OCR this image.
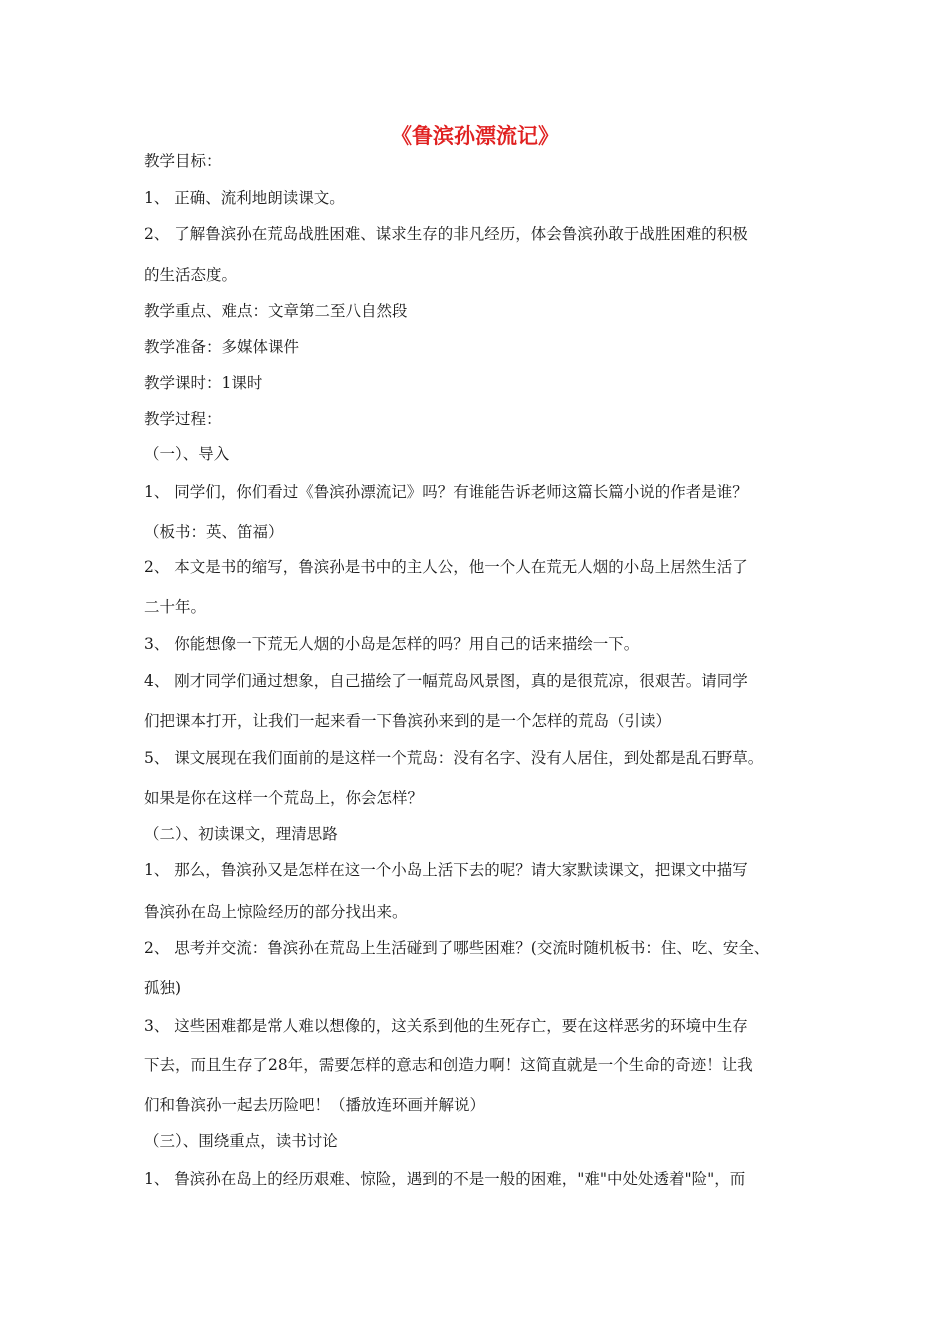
《鲁滨孙漂流记》
教学目标：
1、 正确、流利地朗读课文。
2、 了解鲁滨孙在荒岛战胜困难、谋求生存的非凡经历，体会鲁滨孙敢于战胜困难的积极
的生活态度。
教学重点、难点：文章第二至八自然段
教学准备：多媒体课件
教学课时：1课时
教学过程：
（一）、导入
1、 同学们，你们看过《鲁滨孙漂流记》吗？有谁能告诉老师这篇长篇小说的作者是谁？
（板书：英、笛福）
2、 本文是书的缩写，鲁滨孙是书中的主人公，他一个人在荒无人烟的小岛上居然生活了
二十年。
3、 你能想像一下荒无人烟的小岛是怎样的吗？用自己的话来描绘一下。
4、 刚才同学们通过想象，自己描绘了一幅荒岛风景图，真的是很荒凉，很艰苦。请同学
们把课本打开，让我们一起来看一下鲁滨孙来到的是一个怎样的荒岛（引读）
5、 课文展现在我们面前的是这样一个荒岛：没有名字、没有人居住，到处都是乱石野草。
如果是你在这样一个荒岛上，你会怎样？
（二）、初读课文，理清思路
1、 那么，鲁滨孙又是怎样在这一个小岛上活下去的呢？请大家默读课文，把课文中描写
鲁滨孙在岛上惊险经历的部分找出来。
2、 思考并交流：鲁滨孙在荒岛上生活碰到了哪些困难？(交流时随机板书：住、吃、安全、
孤独)
3、 这些困难都是常人难以想像的，这关系到他的生死存亡，要在这样恶劣的环境中生存
下去，而且生存了28年，需要怎样的意志和创造力啊！这简直就是一个生命的奇迹！让我
们和鲁滨孙一起去历险吧！（播放连环画并解说）
（三）、围绕重点，读书讨论
1、 鲁滨孙在岛上的经历艰难、惊险，遇到的不是一般的困难，"难"中处处透着"险"，而
